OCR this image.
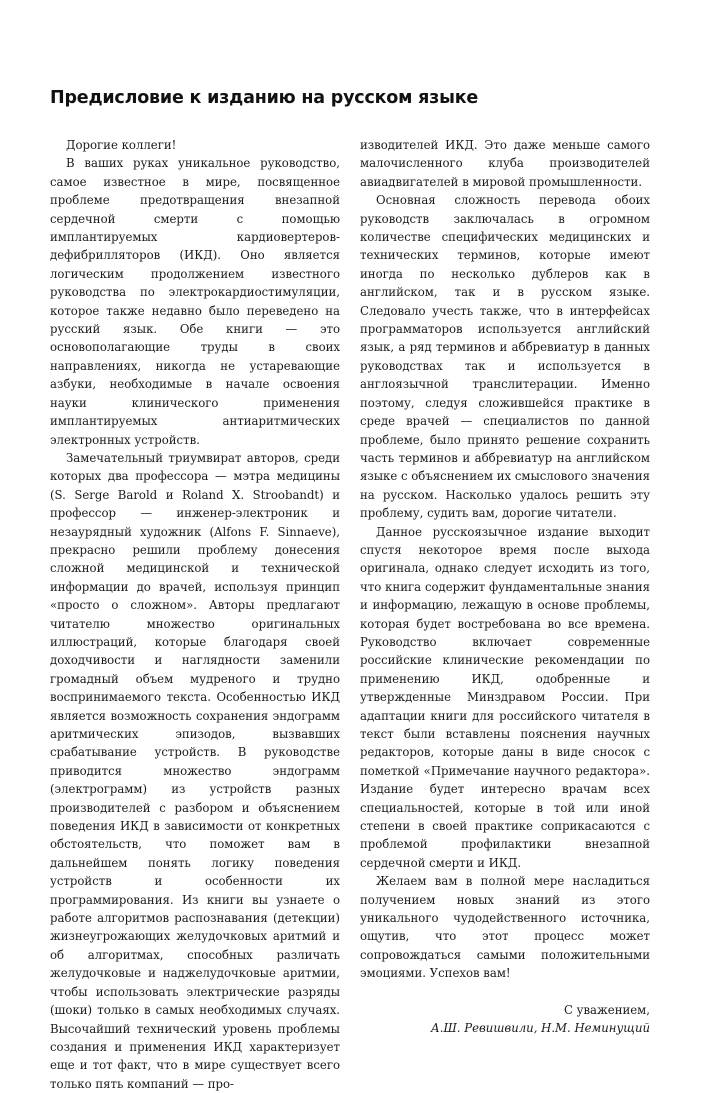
Предисловие к изданию на русском языке

Дорогие коллеги!

В ваших руках уникальное руководство, самое известное в мире, посвященное проблеме предотвращения внезапной сердечной смерти с помощью имплантируемых кардиовертеров-дефибрилляторов (ИКД). Оно является логическим продолжением известного руководства по электрокардиостимуляции, которое также недавно было переведено на русский язык. Обе книги — это основополагающие труды в своих направлениях, никогда не устаревающие азбуки, необходимые в начале освоения науки клинического применения имплантируемых антиаритмических электронных устройств.

Замечательный триумвират авторов, среди которых два профессора — мэтра медицины (S. Serge Barold и Roland X. Stroobandt) и профессор — инженер-электроник и незаурядный художник (Alfons F. Sinnaeve), прекрасно решили проблему донесения сложной медицинской и технической информации до врачей, используя принцип «просто о сложном». Авторы предлагают читателю множество оригинальных иллюстраций, которые благодаря своей доходчивости и наглядности заменили громадный объем мудреного и трудно воспринимаемого текста. Особенностью ИКД является возможность сохранения эндограмм аритмических эпизодов, вызвавших срабатывание устройств. В руководстве приводится множество эндограмм (электрограмм) из устройств разных производителей с разбором и объяснением поведения ИКД в зависимости от конкретных обстоятельств, что поможет вам в дальнейшем понять логику поведения устройств и особенности их программирования. Из книги вы узнаете о работе алгоритмов распознавания (детекции) жизнеугрожающих желудочковых аритмий и об алгоритмах, способных различать желудочковые и наджелудочковые аритмии, чтобы использовать электрические разряды (шоки) только в самых необходимых случаях. Высочайший технический уровень проблемы создания и применения ИКД характеризует еще и тот факт, что в мире существует всего только пять компаний — про-

изводителей ИКД. Это даже меньше самого малочисленного клуба производителей авиадвигателей в мировой промышленности.

Основная сложность перевода обоих руководств заключалась в огромном количестве специфических медицинских и технических терминов, которые имеют иногда по несколько дублеров как в английском, так и в русском языке. Следовало учесть также, что в интерфейсах программаторов используется английский язык, а ряд терминов и аббревиатур в данных руководствах так и используется в англоязычной транслитерации. Именно поэтому, следуя сложившейся практике в среде врачей — специалистов по данной проблеме, было принято решение сохранить часть терминов и аббревиатур на английском языке с объяснением их смыслового значения на русском. Насколько удалось решить эту проблему, судить вам, дорогие читатели.

Данное русскоязычное издание выходит спустя некоторое время после выхода оригинала, однако следует исходить из того, что книга содержит фундаментальные знания и информацию, лежащую в основе проблемы, которая будет востребована во все времена. Руководство включает современные российские клинические рекомендации по применению ИКД, одобренные и утвержденные Минздравом России. При адаптации книги для российского читателя в текст были вставлены пояснения научных редакторов, которые даны в виде сносок с пометкой «Примечание научного редактора». Издание будет интересно врачам всех специальностей, которые в той или иной степени в своей практике соприкасаются с проблемой профилактики внезапной сердечной смерти и ИКД.

Желаем вам в полной мере насладиться получением новых знаний из этого уникального чудодейственного источника, ощутив, что этот процесс может сопровождаться самыми положительными эмоциями. Успехов вам!

С уважением,
А.Ш. Ревишвили, Н.М. Неминущий
